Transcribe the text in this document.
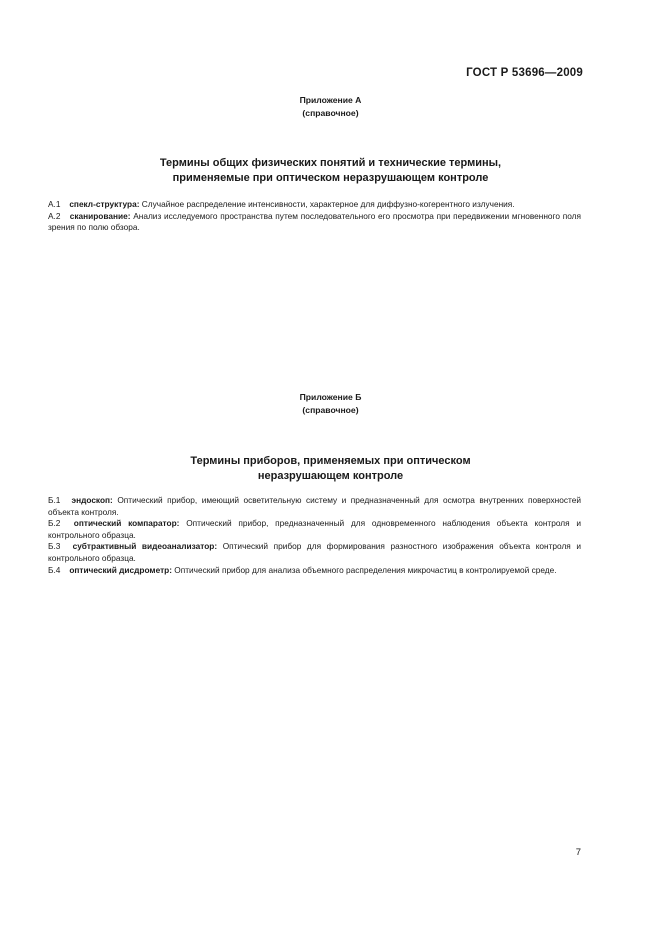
ГОСТ Р 53696—2009
Приложение А
(справочное)
Термины общих физических понятий и технические термины,
применяемые при оптическом неразрушающем контроле

А.1 спекл-структура: Случайное распределение интенсивности, характерное для диффузно-когерентного излучения.

А.2 сканирование: Анализ исследуемого пространства путем последовательного его просмотра при передвижении мгновенного поля зрения по полю обзора.

Приложение Б
(справочное)
Термины приборов, применяемых при оптическом
неразрушающем контроле

Б.1 эндоскоп: Оптический прибор, имеющий осветительную систему и предназначенный для осмотра внутренних поверхностей объекта контроля.

Б.2 оптический компаратор: Оптический прибор, предназначенный для одновременного наблюдения объекта контроля и контрольного образца.

Б.3 субтрактивный видеоанализатор: Оптический прибор для формирования разностного изображения объекта контроля и контрольного образца.

Б.4 оптический дисдрометр: Оптический прибор для анализа объемного распределения микрочастиц в контролируемой среде.

7
